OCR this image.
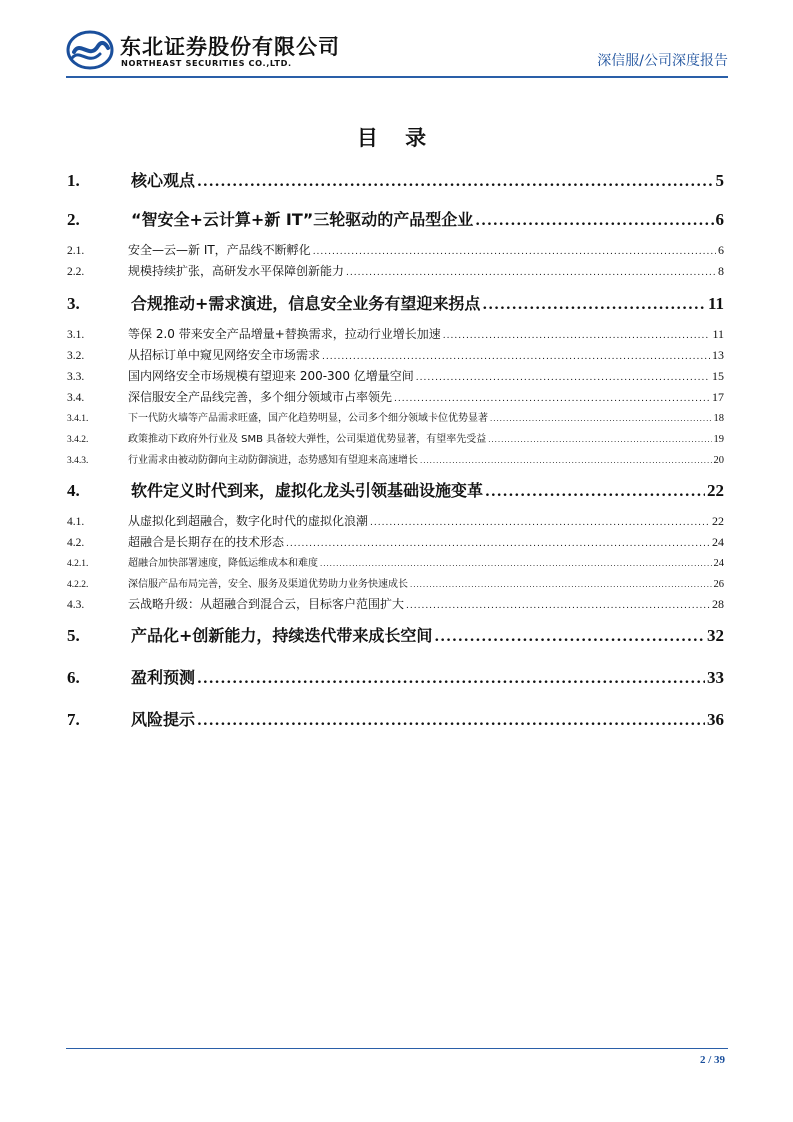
东北证券股份有限公司
NORTHEAST SECURITIES CO.,LTD.	深信服/公司深度报告
目 录
1.	核心观点 .....	5
2.	“智安全+云计算+新 IT”三轮驱动的产品型企业 .....	6
2.1.	安全—云—新 IT，产品线不断孵化 .....	6
2.2.	规模持续扩张，高研发水平保障创新能力 .....	8
3.	合规推动+需求演进，信息安全业务有望迎来拐点 .....	11
3.1.	等保 2.0 带来安全产品增量+替换需求，拉动行业增长加速 .....	11
3.2.	从招标订单中窥见网络安全市场需求 .....	13
3.3.	国内网络安全市场规模有望迎来 200-300 亿增量空间 .....	15
3.4.	深信服安全产品线完善，多个细分领域市占率领先 .....	17
3.4.1.	下一代防火墙等产品需求旺盛，国产化趋势明显，公司多个细分领域卡位优势显著 .....	18
3.4.2.	政策推动下政府外行业及 SMB 具备较大弹性，公司渠道优势显著，有望率先受益 .....	19
3.4.3.	行业需求由被动防御向主动防御演进，态势感知有望迎来高速增长 .....	20
4.	软件定义时代到来，虚拟化龙头引领基础设施变革 .....	22
4.1.	从虚拟化到超融合，数字化时代的虚拟化浪潮 .....	22
4.2.	超融合是长期存在的技术形态 .....	24
4.2.1.	超融合加快部署速度，降低运维成本和难度 .....	24
4.2.2.	深信服产品布局完善，安全、服务及渠道优势助力业务快速成长 .....	26
4.3.	云战略升级：从超融合到混合云，目标客户范围扩大 .....	28
5.	产品化+创新能力，持续迭代带来成长空间 .....	32
6.	盈利预测 .....	33
7.	风险提示 .....	36
2 / 39
